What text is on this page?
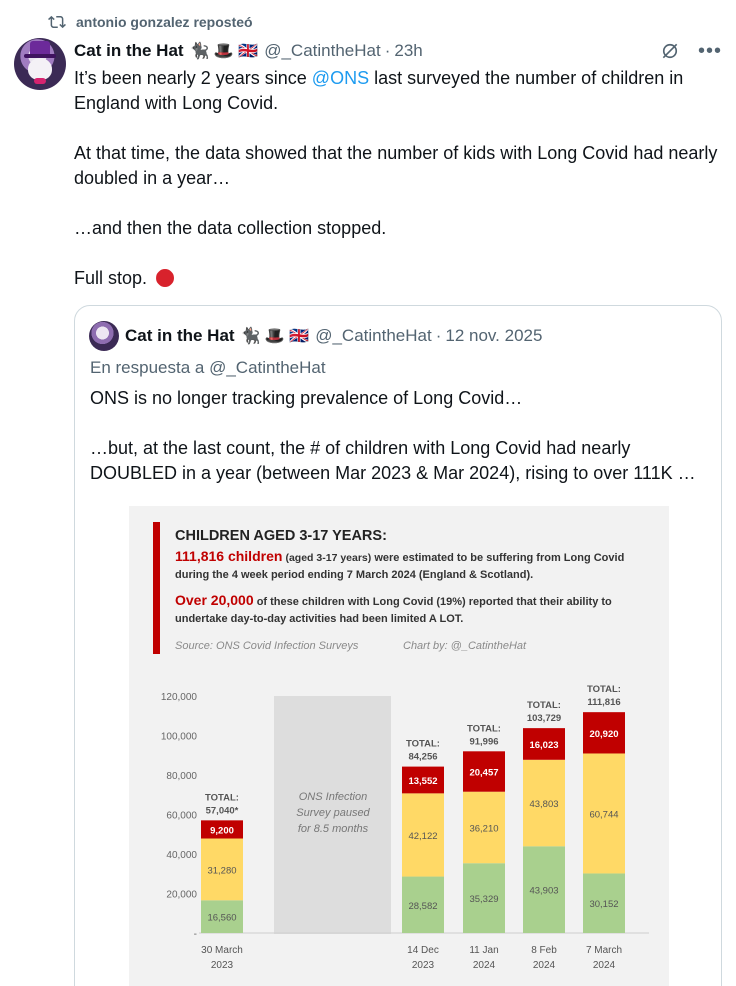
antonio gonzalez reposteó
Cat in the Hat 🐈‍⬛ 🎩 🇬🇧 @_CatintheHat · 23h	•••

It’s been nearly 2 years since @ONS last surveyed the number of children in England with Long Covid.

At that time, the data showed that the number of kids with Long Covid had nearly doubled in a year…

…and then the data collection stopped.

Full stop.

Cat in the Hat 🐈‍⬛ 🎩 🇬🇧 @_CatintheHat · 12 nov. 2025
En respuesta a @_CatintheHat

ONS is no longer tracking prevalence of Long Covid…

…but, at the last count, the # of children with Long Covid had nearly DOUBLED in a year (between Mar 2023 & Mar 2024), rising to over 111K …

CHILDREN AGED 3-17 YEARS:
111,816 children (aged 3-17 years) were estimated to be suffering from Long Covid during the 4 week period ending 7 March 2024 (England & Scotland).
Over 20,000 of these children with Long Covid (19%) reported that their ability to undertake day-to-day activities had been limited A LOT.
Source: ONS Covid Infection Surveys	Chart by: @_CatintheHat
ONS Infection
Survey paused
for 8.5 months
-
20,000
40,000
60,000
80,000
100,000
120,000
16,560
31,280
9,200
TOTAL:
57,040*
30 March
2023
28,582
42,122
13,552
TOTAL:
84,256
14 Dec
2023
35,329
36,210
20,457
TOTAL:
91,996
11 Jan
2024
43,903
43,803
16,023
TOTAL:
103,729
8 Feb
2024
30,152
60,744
20,920
TOTAL:
111,816
7 March
2024
